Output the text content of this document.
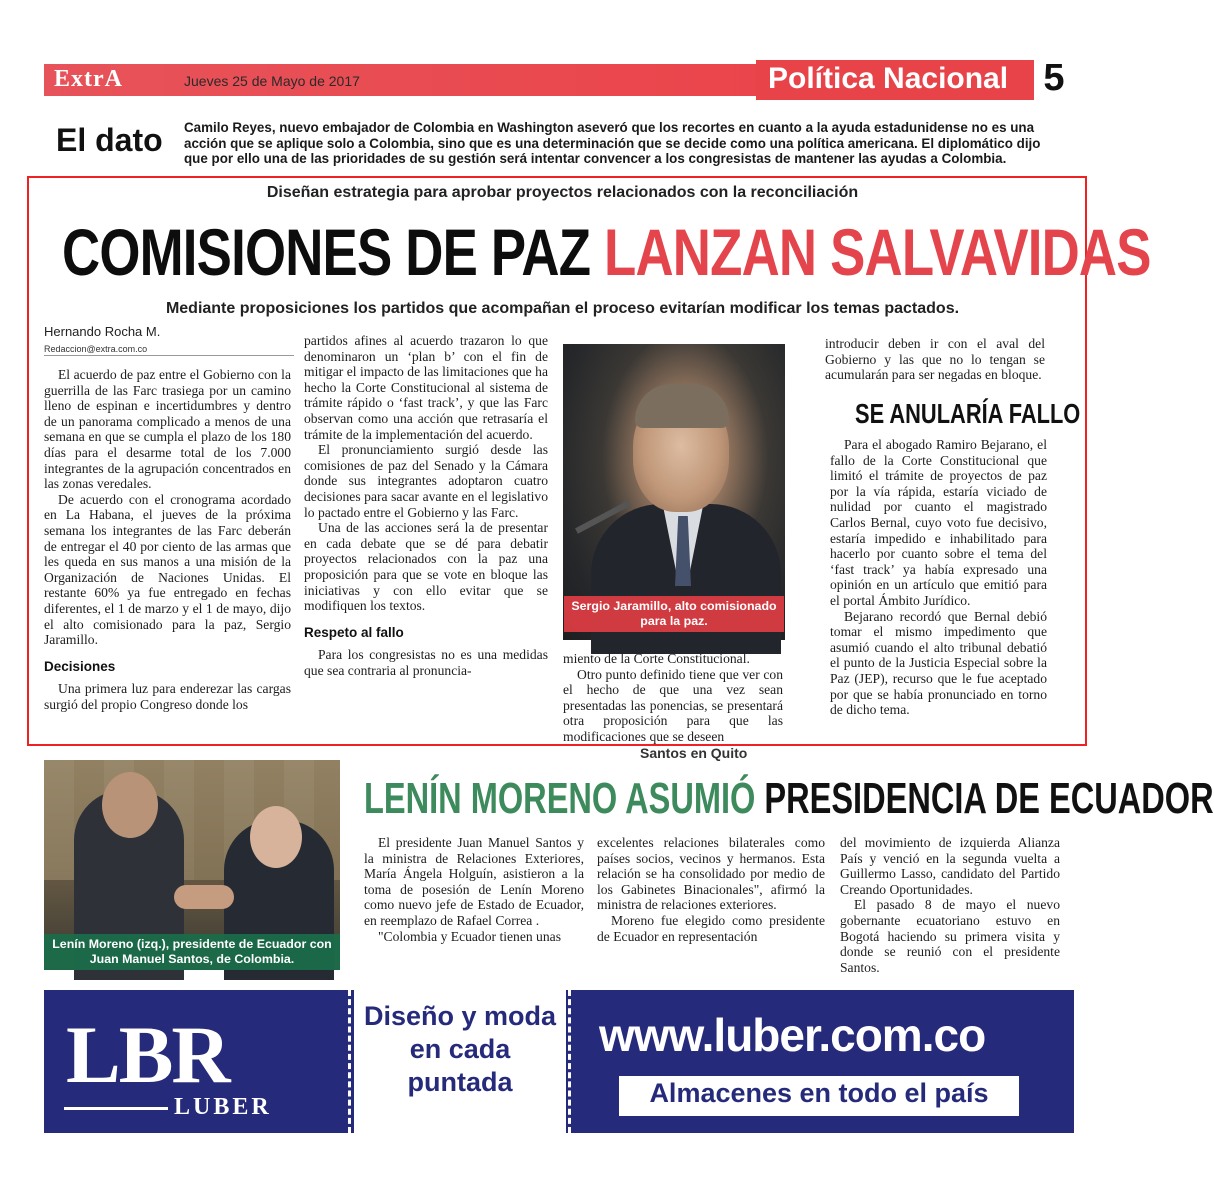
ExtrA	Jueves 25 de Mayo de 2017	Política Nacional 5
El dato Camilo Reyes, nuevo embajador de Colombia en Washington aseveró que los recortes en cuanto a la ayuda estadunidense no es una acción que se aplique solo a Colombia, sino que es una determinación que se decide como una política americana. El diplomático dijo que por ello una de las prioridades de su gestión será intentar convencer a los congresistas de mantener las ayudas a Colombia.
Diseñan estrategia para aprobar proyectos relacionados con la reconciliación
COMISIONES DE PAZ LANZAN SALVAVIDAS
Mediante proposiciones los partidos que acompañan el proceso evitarían modificar los temas pactados.
Hernando Rocha M.
Redaccion@extra.com.co

El acuerdo de paz entre el Gobierno con la guerrilla de las Farc trasiega por un camino lleno de espinan e incertidumbres y dentro de un panorama complicado a menos de una semana en que se cumpla el plazo de los 180 días para el desarme total de los 7.000 integrantes de la agrupación concentrados en las zonas veredales.

De acuerdo con el cronograma acordado en La Habana, el jueves de la próxima semana los integrantes de las Farc deberán de entregar el 40 por ciento de las armas que les queda en sus manos a una misión de la Organización de Naciones Unidas. El restante 60% ya fue entregado en fechas diferentes, el 1 de marzo y el 1 de mayo, dijo el alto comisionado para la paz, Sergio Jaramillo.

Decisiones

Una primera luz para enderezar las cargas surgió del propio Congreso donde los

partidos afines al acuerdo trazaron lo que denominaron un ‘plan b’ con el fin de mitigar el impacto de las limitaciones que ha hecho la Corte Constitucional al sistema de trámite rápido o ‘fast track’, y que las Farc observan como una acción que retrasaría el trámite de la implementación del acuerdo.

El pronunciamiento surgió desde las comisiones de paz del Senado y la Cámara donde sus integrantes adoptaron cuatro decisiones para sacar avante en el legislativo lo pactado entre el Gobierno y las Farc.

Una de las acciones será la de presentar en cada debate que se dé para debatir proyectos relacionados con la paz una proposición para que se vote en bloque las iniciativas y con ello evitar que se modifiquen los textos.

Respeto al fallo

Para los congresistas no es una medidas que sea contraria al pronuncia-

Sergio Jaramillo, alto comisionado para la paz.

miento de la Corte Constitucional.

Otro punto definido tiene que ver con el hecho de que una vez sean presentadas las ponencias, se presentará otra proposición para que las modificaciones que se deseen

introducir deben ir con el aval del Gobierno y las que no lo tengan se acumularán para ser negadas en bloque.

SE ANULARÍA FALLO

Para el abogado Ramiro Bejarano, el fallo de la Corte Constitucional que limitó el trámite de proyectos de paz por la vía rápida, estaría viciado de nulidad por cuanto el magistrado Carlos Bernal, cuyo voto fue decisivo, estaría impedido e inhabilitado para hacerlo por cuanto sobre el tema del ‘fast track’ ya había expresado una opinión en un artículo que emitió para el portal Ámbito Jurídico.

Bejarano recordó que Bernal debió tomar el mismo impedimento que asumió cuando el alto tribunal debatió el punto de la Justicia Especial sobre la Paz (JEP), recurso que le fue aceptado por que se había pronunciado en torno de dicho tema.

Santos en Quito
Lenín Moreno (izq.), presidente de Ecuador con Juan Manuel Santos, de Colombia.
LENÍN MORENO ASUMIÓ PRESIDENCIA DE ECUADOR

El presidente Juan Manuel Santos y la ministra de Relaciones Exteriores, María Ángela Holguín, asistieron a la toma de posesión de Lenín Moreno como nuevo jefe de Estado de Ecuador, en reemplazo de Rafael Correa .

"Colombia y Ecuador tienen unas

excelentes relaciones bilaterales como países socios, vecinos y hermanos. Esta relación se ha consolidado por medio de los Gabinetes Binacionales", afirmó la ministra de relaciones exteriores.

Moreno fue elegido como presidente de Ecuador en representación

del movimiento de izquierda Alianza País y venció en la segunda vuelta a Guillermo Lasso, candidato del Partido Creando Oportunidades.

El pasado 8 de mayo el nuevo gobernante ecuatoriano estuvo en Bogotá haciendo su primera visita y donde se reunió con el presidente Santos.

LBR
LUBER
Diseño y moda en cada puntada
www.luber.com.co
Almacenes en todo el país
